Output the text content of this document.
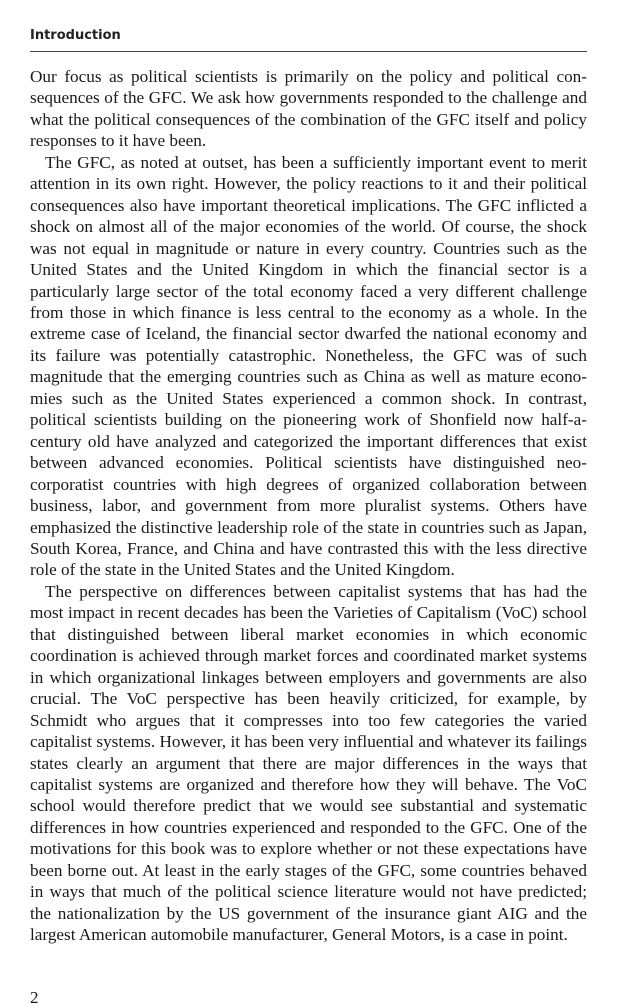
Introduction

Our focus as political scientists is primarily on the policy and political consequences of the GFC. We ask how governments responded to the challenge and what the political consequences of the combination of the GFC itself and policy responses to it have been.

The GFC, as noted at outset, has been a sufficiently important event to merit attention in its own right. However, the policy reactions to it and their political consequences also have important theoretical implications. The GFC inflicted a shock on almost all of the major economies of the world. Of course, the shock was not equal in magnitude or nature in every country. Countries such as the United States and the United Kingdom in which the financial sector is a particularly large sector of the total economy faced a very different challenge from those in which finance is less central to the economy as a whole. In the extreme case of Iceland, the financial sector dwarfed the national economy and its failure was potentially catastrophic. Nonetheless, the GFC was of such magnitude that the emerging countries such as China as well as mature economies such as the United States experienced a common shock. In contrast, political scientists building on the pioneering work of Shonfield now half-a-century old have analyzed and categorized the important differences that exist between advanced economies. Political scientists have distinguished neo-corporatist countries with high degrees of organized collaboration between business, labor, and government from more pluralist systems. Others have emphasized the distinctive leadership role of the state in countries such as Japan, South Korea, France, and China and have contrasted this with the less directive role of the state in the United States and the United Kingdom.

The perspective on differences between capitalist systems that has had the most impact in recent decades has been the Varieties of Capitalism (VoC) school that distinguished between liberal market economies in which economic coordination is achieved through market forces and coordinated market systems in which organizational linkages between employers and governments are also crucial. The VoC perspective has been heavily criticized, for example, by Schmidt who argues that it compresses into too few categories the varied capitalist systems. However, it has been very influential and whatever its failings states clearly an argument that there are major differences in the ways that capitalist systems are organized and therefore how they will behave. The VoC school would therefore predict that we would see substantial and systematic differences in how countries experienced and responded to the GFC. One of the motivations for this book was to explore whether or not these expectations have been borne out. At least in the early stages of the GFC, some countries behaved in ways that much of the political science literature would not have predicted; the nationalization by the US government of the insurance giant AIG and the largest American automobile manufacturer, General Motors, is a case in point.

2
